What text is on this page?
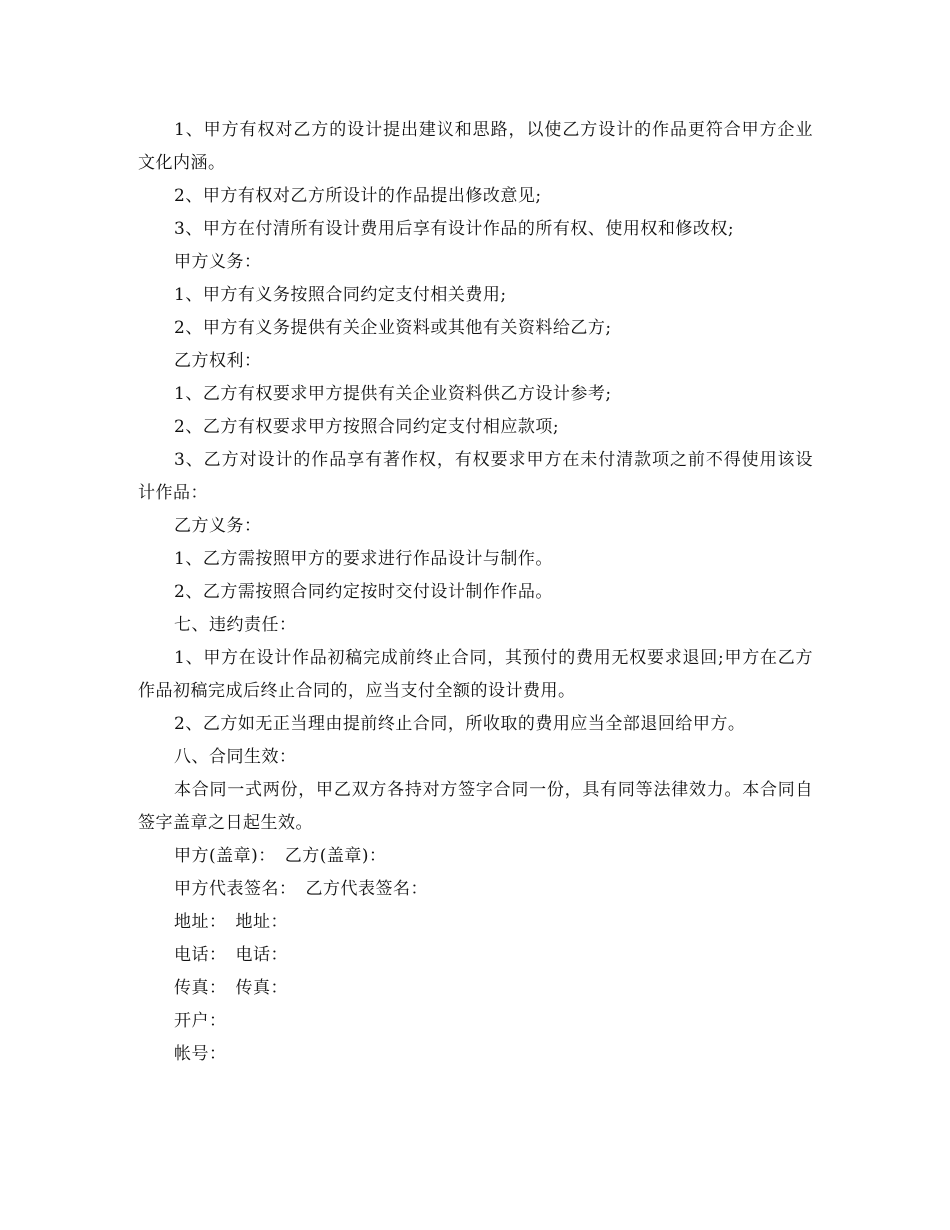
1、甲方有权对乙方的设计提出建议和思路，以使乙方设计的作品更符合甲方企业文化内涵。

2、甲方有权对乙方所设计的作品提出修改意见;

3、甲方在付清所有设计费用后享有设计作品的所有权、使用权和修改权;

甲方义务：

1、甲方有义务按照合同约定支付相关费用;

2、甲方有义务提供有关企业资料或其他有关资料给乙方;

乙方权利：

1、乙方有权要求甲方提供有关企业资料供乙方设计参考;

2、乙方有权要求甲方按照合同约定支付相应款项;

3、乙方对设计的作品享有著作权，有权要求甲方在未付清款项之前不得使用该设计作品：

乙方义务：

1、乙方需按照甲方的要求进行作品设计与制作。

2、乙方需按照合同约定按时交付设计制作作品。

七、违约责任：

1、甲方在设计作品初稿完成前终止合同，其预付的费用无权要求退回;甲方在乙方作品初稿完成后终止合同的，应当支付全额的设计费用。

2、乙方如无正当理由提前终止合同，所收取的费用应当全部退回给甲方。

八、合同生效：

本合同一式两份，甲乙双方各持对方签字合同一份，具有同等法律效力。本合同自签字盖章之日起生效。

甲方(盖章)：　乙方(盖章)：

甲方代表签名：　乙方代表签名：

地址：　地址：

电话：　电话：

传真：　传真：

开户：

帐号：
